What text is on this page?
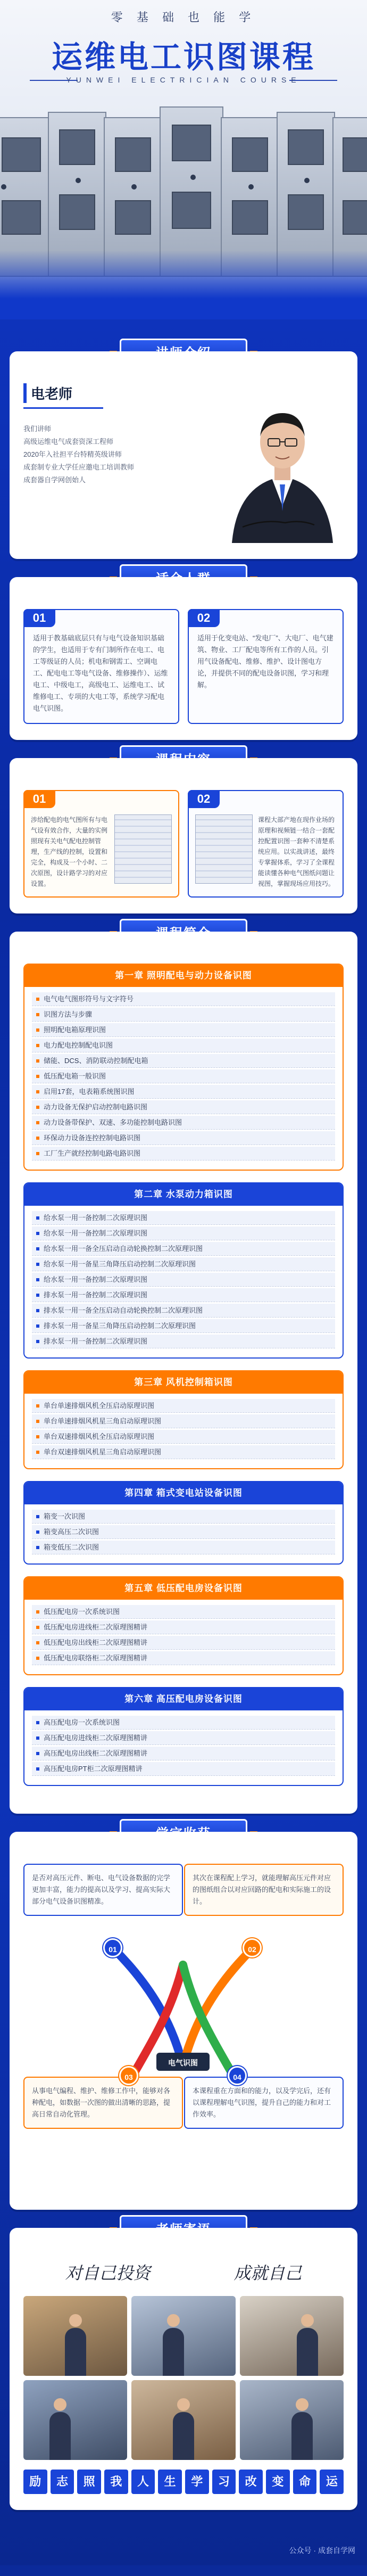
零 基 础 也 能 学
运维电工识图课程
YUNWEI ELECTRICIAN COURSE
电老师

我们讲师

高级运维电气成套资深工程师

2020年入社担平台特精英级讲师

成套制专业大学任应邀电工培训教师

成套器自学网创始人

01

适用于教基础底层只有与电气设备知识基础的学生，也适用于专有门制所作在电工、电工等级证的人员；机电和钢需工、空调电工、配电电工等电气设备、维修操作）、运维电工、中级电工，高级电工、运维电工、试维修电工、专项的大电工等，系统学习配电电气识图。

02

适用于化变电站、“发电厂”、大电厂、电气建筑、物业、工厂配电等所有工作的人员。引用气设备配电、维修、维护、设计图电方论，并提供不同的配电设备识图，学习和理解。

01

涉给配电的电气图所有与电气设有效合作，大量的实例照现有关电气配电控制管理，生产线的控制，设置和完全，构成及一个小时、二次原图，设计路学习的对应设置。

02

课程大部产地在现作业场的原理和视频链一结合一套配控配置识图一套种不清楚系统应用。以实战讲述，最终专掌握体系，学习了全课程能读懂各种电气图纸问题让视图，掌握现场应用技巧。

第一章 照明配电与动力设备识图
电气电气图形符号与文字符号
识图方法与步骤
照明配电箱原理识图
电力配电控制配电识图
储能、DCS、消防联动控制配电箱
低压配电箱一般识图
启用17套，电表箱系统图识图
动力设备无保护启动控制电路识图
动力设备带保护、双速、多功能控制电路识图
环保动力设备连控控制电路识图
工厂生产就经控制电路电路识图
第二章 水泵动力箱识图
给水泵一用一备控制二次原理识图
给水泵一用一备控制二次原理识图
给水泵一用一备全压启动自动轮换控制二次原理识图
给水泵一用一备星三角降压启动控制二次原理识图
给水泵一用一备控制二次原理识图
排水泵一用一备控制二次原理识图
排水泵一用一备全压启动自动轮换控制二次原理识图
排水泵一用一备星三角降压启动控制二次原理识图
排水泵一用一备控制二次原理识图
第三章 风机控制箱识图
单台单速排烟风机全压启动原理识图
单台单速排烟风机星三角启动原理识图
单台双速排烟风机全压启动原理识图
单台双速排烟风机星三角启动原理识图
第四章 箱式变电站设备识图
箱变一次识图
箱变高压二次识图
箱变低压二次识图
第五章 低压配电房设备识图
低压配电房一次系统识图
低压配电房进线柜二次原理图精讲
低压配电房出线柜二次原理图精讲
低压配电房联络柜二次原理图精讲
第六章 高压配电房设备识图
高压配电房一次系统识图
高压配电房进线柜二次原理图精讲
高压配电房出线柜二次原理图精讲
高压配电房PT柜二次原理图精讲

是否对高压元件、断电、电气设备数据的完学更加丰富，能力的提高以及学习、提高实际大部分电气设备识图精准。

其次在课程配上学习，就能理解高压元件对应的图纸组合以对应回路的配电和实际施工的设计。

从事电气编程、维护、维修工作中，能够对各种配电，如数据一次图的做出清晰的思路，提高日常自动化管理。

本课程重在方面和的能力，以及学完后，还有以课程理解电气识图，提升自己的能力和对工作效率。

电气识图
01	02
03	04
对自己投资	成就自己
励	志	照	我	人	生	学	习	改	变	命	运
公众号 · 成套自学网
